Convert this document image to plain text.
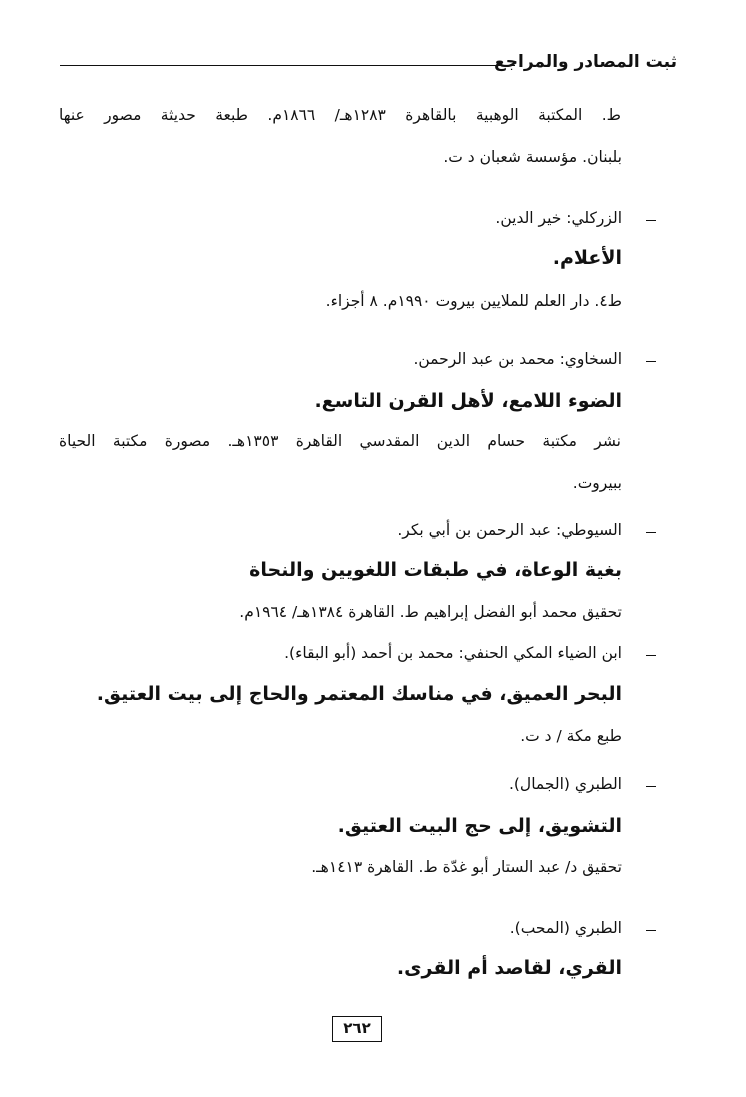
ثبت المصادر والمراجع
ط. المكتبة الوهبية بالقاهرة ١٢٨٣هـ/ ١٨٦٦م. طبعة حديثة مصور عنها
بلبنان. مؤسسة شعبان د ت.
الزركلي: خير الدين.
الأعلام.
ط٤. دار العلم للملايين بيروت ١٩٩٠م. ٨ أجزاء.
السخاوي: محمد بن عبد الرحمن.
الضوء اللامع، لأهل القرن التاسع.
نشر مكتبة حسام الدين المقدسي القاهرة ١٣٥٣هـ. مصورة مكتبة الحياة
ببيروت.
السيوطي: عبد الرحمن بن أبي بكر.
بغية الوعاة، في طبقات اللغويين والنحاة
تحقيق محمد أبو الفضل إبراهيم ط. القاهرة ١٣٨٤هـ/ ١٩٦٤م.
ابن الضياء المكي الحنفي: محمد بن أحمد (أبو البقاء).
البحر العميق، في مناسك المعتمر والحاج إلى بيت العتيق.
طبع مكة / د ت.
الطبري (الجمال).
التشويق، إلى حج البيت العتيق.
تحقيق د/ عبد الستار أبو غدّة ط. القاهرة ١٤١٣هـ.
الطبري (المحب).
القري، لقاصد أم القرى.
٢٦٢
